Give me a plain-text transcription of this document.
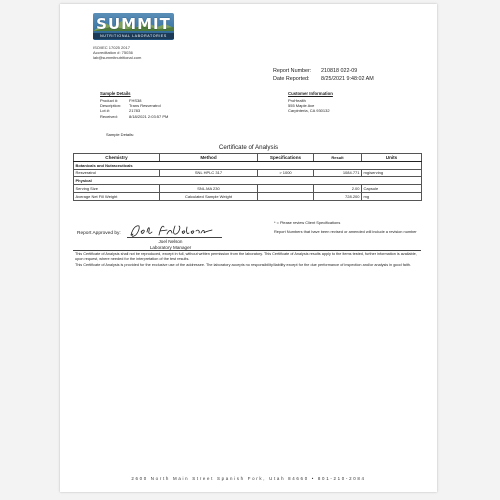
SUMMIT
NUTRITIONAL LABORATORIES
ISO/IEC 17025 2017
Accreditation #: 75036
lab@summitnutritional.com
Report Number:	210818 022-09
Date Reported:	8/25/2021 9:48:02 AM
Sample Details
Product #:	FHS38
Description:	Trans Resveratrol
Lot #:	21783
Received:	8/18/2021 2:03:57 PM
Customer Information
ProHealth
555 Maple Ave
Carpinteria, CA 930132
Sample Details:
Certificate of Analysis
Chemistry	Method	Specifications	Result	Units
Botanicals and Nutraceuticals				
Resveratrol	SNL HPLC 317	> 1000	1084.771	mg/serving
Physical				
Serving Size	SNL.MA 230		2.00	Capsule
Average Net Fill Weight	Calculated Sample Weight		728.200	mg
Report Approved by:
Joel Nelson
Laboratory Manager

* = Please review Client Specifications

Report Numbers that have been revised or amended will include a revision number

This Certificate of Analysis shall not be reproduced, except in full, without written permission from the laboratory. This Certificate of Analysis results apply to the items tested, further information is available, upon request, where needed for the interpretation of the test results.

This Certificate of Analysis is provided for the exclusive use of the addressee. The laboratory accepts no responsibility/liability except for the due performance of inspection and/or analysis in good faith.

2600 North Main Street Spanish Fork, Utah 84660 • 801-210-2084
